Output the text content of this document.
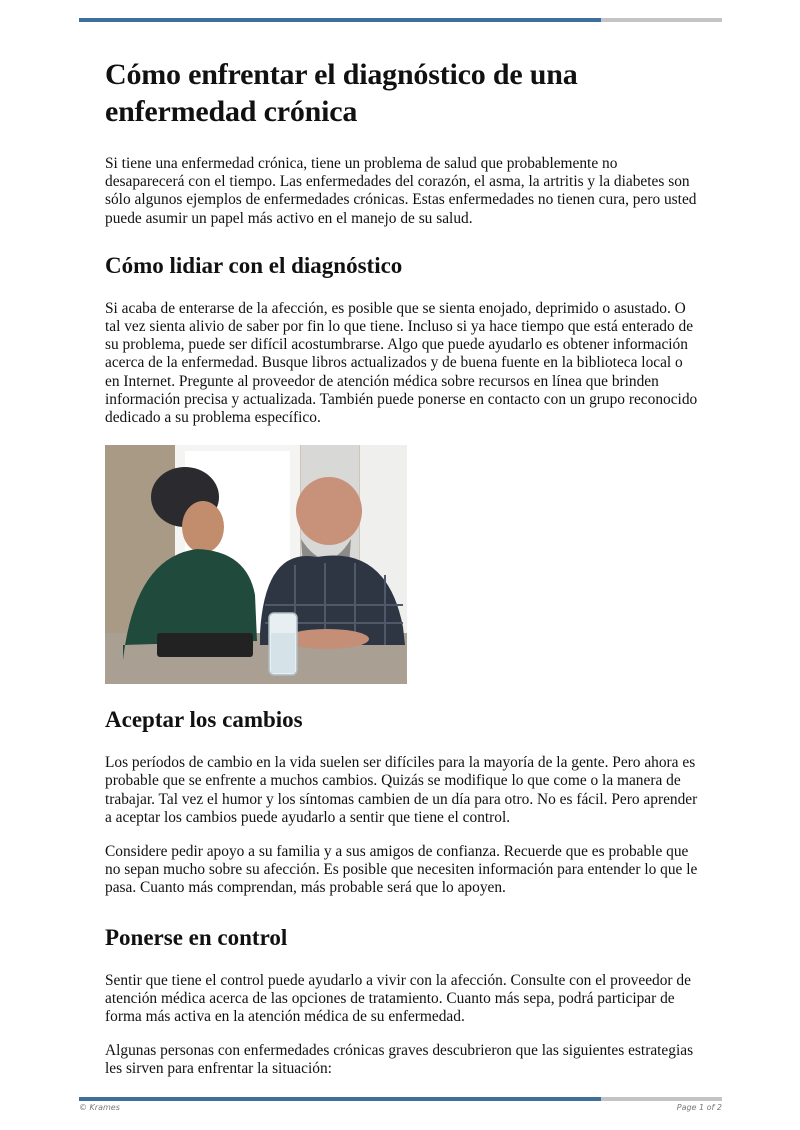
Cómo enfrentar el diagnóstico de una enfermedad crónica

Si tiene una enfermedad crónica, tiene un problema de salud que probablemente no desaparecerá con el tiempo. Las enfermedades del corazón, el asma, la artritis y la diabetes son sólo algunos ejemplos de enfermedades crónicas. Estas enfermedades no tienen cura, pero usted puede asumir un papel más activo en el manejo de su salud.

Cómo lidiar con el diagnóstico

Si acaba de enterarse de la afección, es posible que se sienta enojado, deprimido o asustado. O tal vez sienta alivio de saber por fin lo que tiene. Incluso si ya hace tiempo que está enterado de su problema, puede ser difícil acostumbrarse. Algo que puede ayudarlo es obtener información acerca de la enfermedad. Busque libros actualizados y de buena fuente en la biblioteca local o en Internet. Pregunte al proveedor de atención médica sobre recursos en línea que brinden información precisa y actualizada. También puede ponerse en contacto con un grupo reconocido dedicado a su problema específico.

Aceptar los cambios

Los períodos de cambio en la vida suelen ser difíciles para la mayoría de la gente. Pero ahora es probable que se enfrente a muchos cambios. Quizás se modifique lo que come o la manera de trabajar. Tal vez el humor y los síntomas cambien de un día para otro. No es fácil. Pero aprender a aceptar los cambios puede ayudarlo a sentir que tiene el control.

Considere pedir apoyo a su familia y a sus amigos de confianza. Recuerde que es probable que no sepan mucho sobre su afección. Es posible que necesiten información para entender lo que le pasa. Cuanto más comprendan, más probable será que lo apoyen.

Ponerse en control

Sentir que tiene el control puede ayudarlo a vivir con la afección. Consulte con el proveedor de atención médica acerca de las opciones de tratamiento. Cuanto más sepa, podrá participar de forma más activa en la atención médica de su enfermedad.

Algunas personas con enfermedades crónicas graves descubrieron que las siguientes estrategias les sirven para enfrentar la situación:

© Krames	Page 1 of 2
